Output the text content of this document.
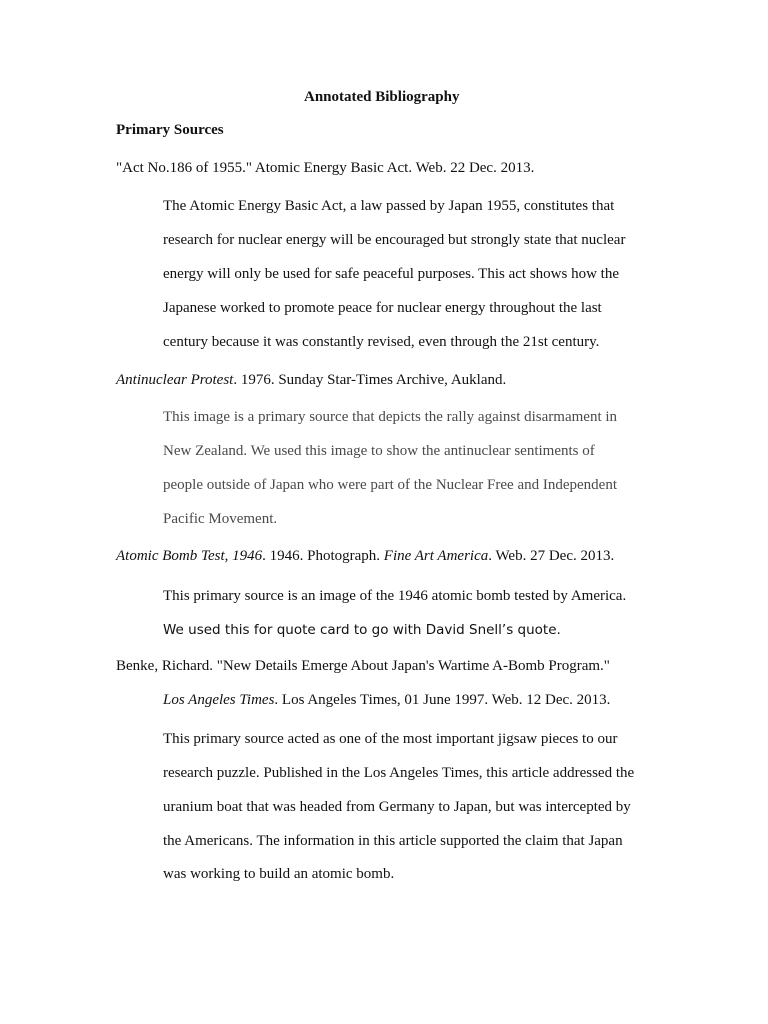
Annotated Bibliography
Primary Sources
"Act No.186 of 1955." Atomic Energy Basic Act. Web. 22 Dec. 2013.
The Atomic Energy Basic Act, a law passed by Japan 1955, constitutes that
research for nuclear energy will be encouraged but strongly state that nuclear
energy will only be used for safe peaceful purposes. This act shows how the
Japanese worked to promote peace for nuclear energy throughout the last
century because it was constantly revised, even through the 21st century.
Antinuclear Protest. 1976. Sunday Star-Times Archive, Aukland.
This image is a primary source that depicts the rally against disarmament in
New Zealand. We used this image to show the antinuclear sentiments of
people outside of Japan who were part of the Nuclear Free and Independent
Pacific Movement.
Atomic Bomb Test, 1946. 1946. Photograph. Fine Art America. Web. 27 Dec. 2013.
This primary source is an image of the 1946 atomic bomb tested by America.
We used this for quote card to go with David Snell’s quote.
Benke, Richard. "New Details Emerge About Japan's Wartime A-Bomb Program."
Los Angeles Times. Los Angeles Times, 01 June 1997. Web. 12 Dec. 2013.
This primary source acted as one of the most important jigsaw pieces to our
research puzzle. Published in the Los Angeles Times, this article addressed the
uranium boat that was headed from Germany to Japan, but was intercepted by
the Americans. The information in this article supported the claim that Japan
was working to build an atomic bomb.
